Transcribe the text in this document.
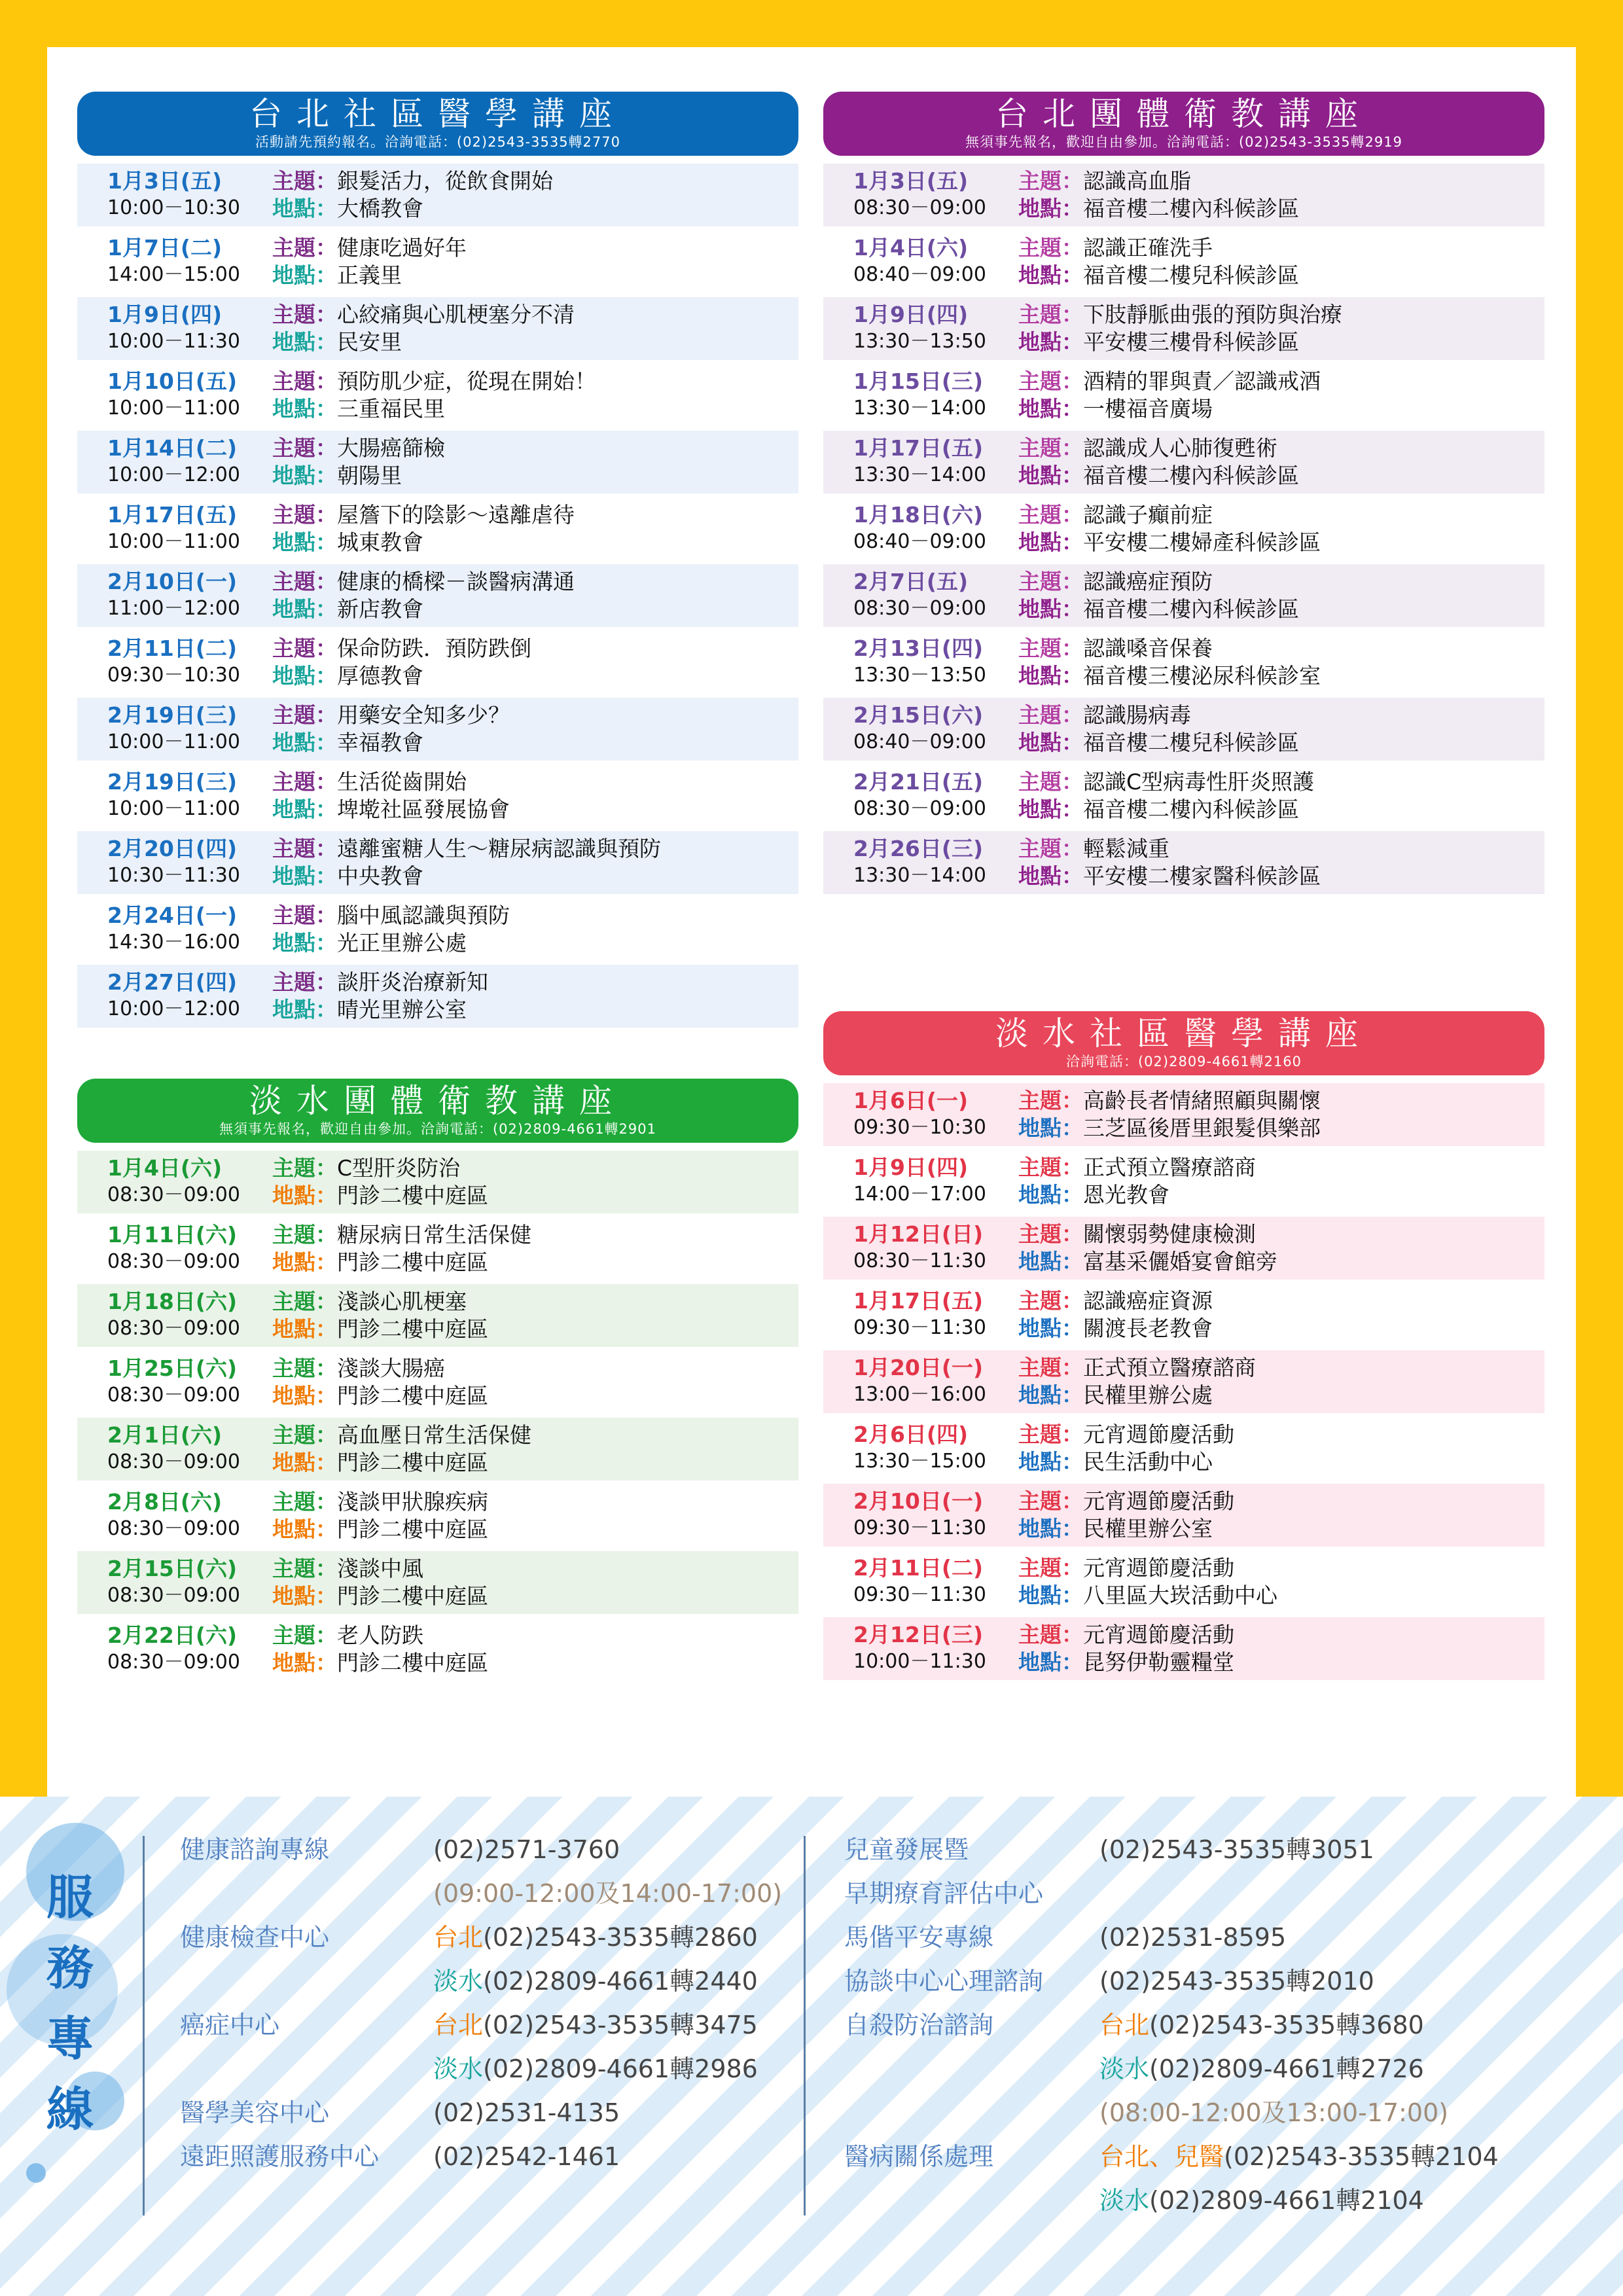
台北社區醫學講座
活動請先預約報名。洽詢電話：(02)2543-3535轉2770
1月3日(五)
10:00－10:30
主題：銀髮活力，從飲食開始
地點：大橋教會
1月7日(二)
14:00－15:00
主題：健康吃過好年
地點：正義里
1月9日(四)
10:00－11:30
主題：心絞痛與心肌梗塞分不清
地點：民安里
1月10日(五)
10:00－11:00
主題：預防肌少症，從現在開始！
地點：三重福民里
1月14日(二)
10:00－12:00
主題：大腸癌篩檢
地點：朝陽里
1月17日(五)
10:00－11:00
主題：屋簷下的陰影～遠離虐待
地點：城東教會
2月10日(一)
11:00－12:00
主題：健康的橋樑－談醫病溝通
地點：新店教會
2月11日(二)
09:30－10:30
主題：保命防跌．預防跌倒
地點：厚德教會
2月19日(三)
10:00－11:00
主題：用藥安全知多少？
地點：幸福教會
2月19日(三)
10:00－11:00
主題：生活從齒開始
地點：埤墘社區發展協會
2月20日(四)
10:30－11:30
主題：遠離蜜糖人生～糖尿病認識與預防
地點：中央教會
2月24日(一)
14:30－16:00
主題：腦中風認識與預防
地點：光正里辦公處
2月27日(四)
10:00－12:00
主題：談肝炎治療新知
地點：晴光里辦公室
台北團體衛教講座
無須事先報名，歡迎自由參加。洽詢電話：(02)2543-3535轉2919
1月3日(五)
08:30－09:00
主題：認識高血脂
地點：福音樓二樓內科候診區
1月4日(六)
08:40－09:00
主題：認識正確洗手
地點：福音樓二樓兒科候診區
1月9日(四)
13:30－13:50
主題：下肢靜脈曲張的預防與治療
地點：平安樓三樓骨科候診區
1月15日(三)
13:30－14:00
主題：酒精的罪與責／認識戒酒
地點：一樓福音廣場
1月17日(五)
13:30－14:00
主題：認識成人心肺復甦術
地點：福音樓二樓內科候診區
1月18日(六)
08:40－09:00
主題：認識子癲前症
地點：平安樓二樓婦產科候診區
2月7日(五)
08:30－09:00
主題：認識癌症預防
地點：福音樓二樓內科候診區
2月13日(四)
13:30－13:50
主題：認識嗓音保養
地點：福音樓三樓泌尿科候診室
2月15日(六)
08:40－09:00
主題：認識腸病毒
地點：福音樓二樓兒科候診區
2月21日(五)
08:30－09:00
主題：認識C型病毒性肝炎照護
地點：福音樓二樓內科候診區
2月26日(三)
13:30－14:00
主題：輕鬆減重
地點：平安樓二樓家醫科候診區
淡水團體衛教講座
無須事先報名，歡迎自由參加。洽詢電話：(02)2809-4661轉2901
1月4日(六)
08:30－09:00
主題：C型肝炎防治
地點：門診二樓中庭區
1月11日(六)
08:30－09:00
主題：糖尿病日常生活保健
地點：門診二樓中庭區
1月18日(六)
08:30－09:00
主題：淺談心肌梗塞
地點：門診二樓中庭區
1月25日(六)
08:30－09:00
主題：淺談大腸癌
地點：門診二樓中庭區
2月1日(六)
08:30－09:00
主題：高血壓日常生活保健
地點：門診二樓中庭區
2月8日(六)
08:30－09:00
主題：淺談甲狀腺疾病
地點：門診二樓中庭區
2月15日(六)
08:30－09:00
主題：淺談中風
地點：門診二樓中庭區
2月22日(六)
08:30－09:00
主題：老人防跌
地點：門診二樓中庭區
淡水社區醫學講座
洽詢電話：(02)2809-4661轉2160
1月6日(一)
09:30－10:30
主題：高齡長者情緒照顧與關懷
地點：三芝區後厝里銀髮俱樂部
1月9日(四)
14:00－17:00
主題：正式預立醫療諮商
地點：恩光教會
1月12日(日)
08:30－11:30
主題：關懷弱勢健康檢測
地點：富基采儷婚宴會館旁
1月17日(五)
09:30－11:30
主題：認識癌症資源
地點：關渡長老教會
1月20日(一)
13:00－16:00
主題：正式預立醫療諮商
地點：民權里辦公處
2月6日(四)
13:30－15:00
主題：元宵週節慶活動
地點：民生活動中心
2月10日(一)
09:30－11:30
主題：元宵週節慶活動
地點：民權里辦公室
2月11日(二)
09:30－11:30
主題：元宵週節慶活動
地點：八里區大崁活動中心
2月12日(三)
10:00－11:30
主題：元宵週節慶活動
地點：昆努伊勒靈糧堂
服
務
專
線
健康諮詢專線	(02)2571-3760
(09:00-12:00及14:00-17:00)
健康檢查中心	台北(02)2543-3535轉2860
淡水(02)2809-4661轉2440
癌症中心	台北(02)2543-3535轉3475
淡水(02)2809-4661轉2986
醫學美容中心	(02)2531-4135
遠距照護服務中心 (02)2542-1461
兒童發展暨	(02)2543-3535轉3051
早期療育評估中心
馬偕平安專線	(02)2531-8595
協談中心心理諮詢 (02)2543-3535轉2010
自殺防治諮詢	台北(02)2543-3535轉3680
淡水(02)2809-4661轉2726
(08:00-12:00及13:00-17:00)
醫病關係處理	台北、兒醫(02)2543-3535轉2104
淡水(02)2809-4661轉2104
